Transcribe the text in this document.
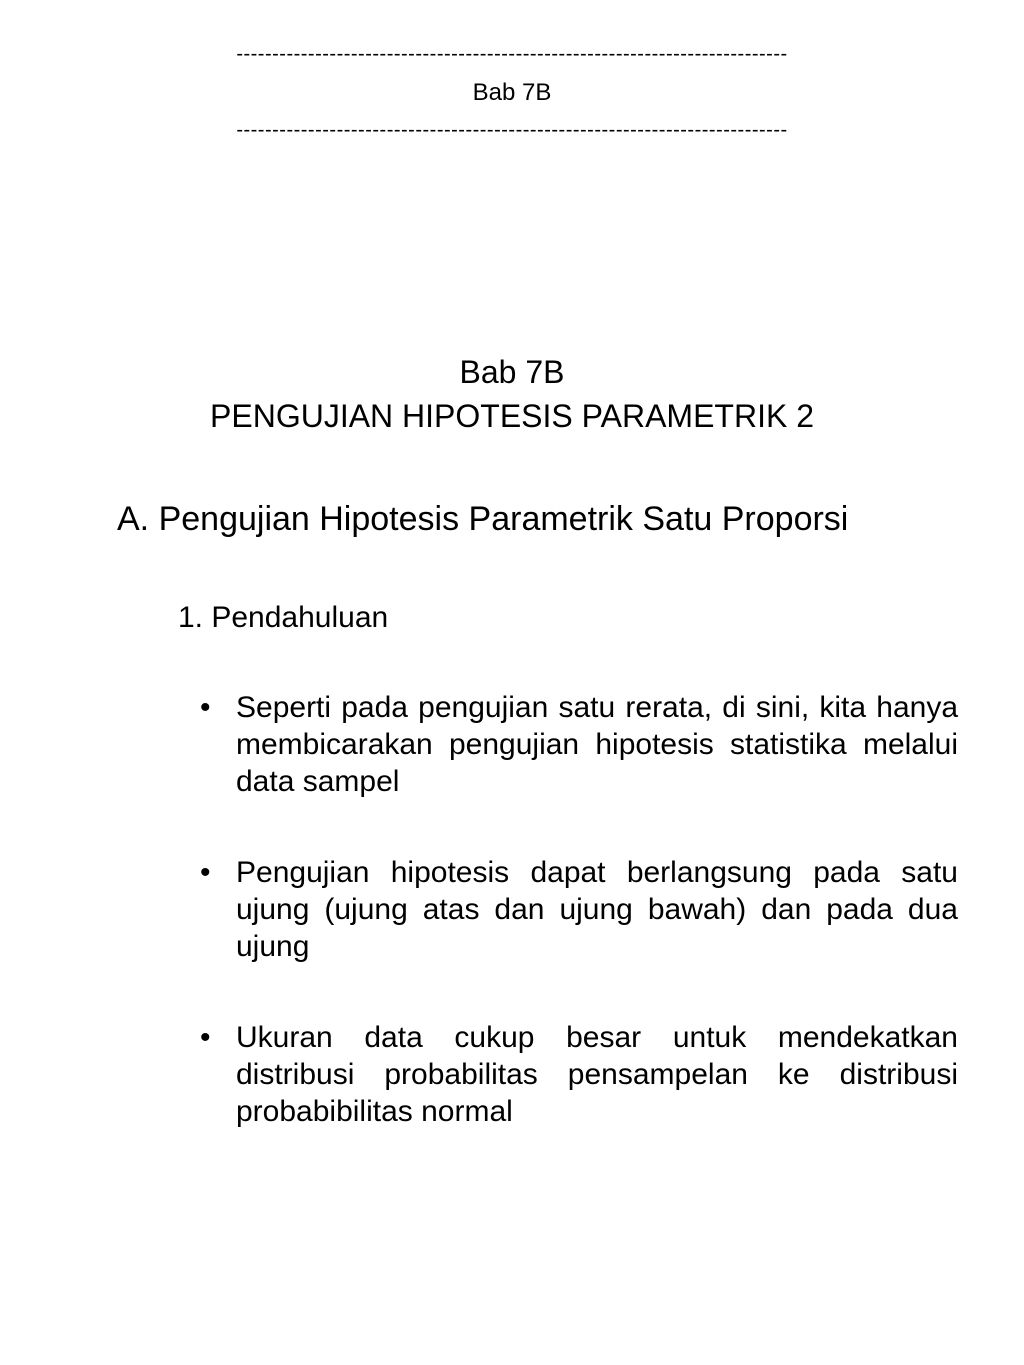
-----------------------------------------------------------------------------
Bab 7B
-----------------------------------------------------------------------------
Bab 7B
PENGUJIAN HIPOTESIS PARAMETRIK 2
A. Pengujian Hipotesis Parametrik Satu Proporsi
1. Pendahuluan
• Seperti pada pengujian satu rerata, di sini, kita hanya membicarakan pengujian hipotesis statistika melalui data sampel
• Pengujian hipotesis dapat berlangsung pada satu ujung (ujung atas dan ujung bawah) dan pada dua ujung
• Ukuran data cukup besar untuk mendekatkan distribusi probabilitas pensampelan ke distribusi probabibilitas normal
